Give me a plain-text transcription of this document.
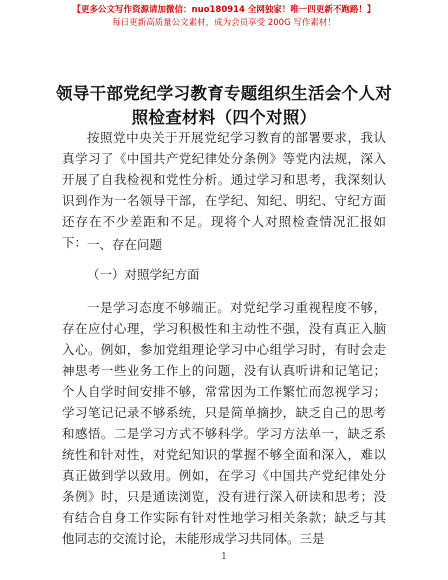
【更多公文写作资源请加微信：nuo180914 全网独家！唯一四更新不跑路！】
每日更新高质量公文素材，成为会员享受 200G 写作素材！
领导干部党纪学习教育专题组织生活会个人对
照检查材料（四个对照）
按照党中央关于开展党纪学习教育的部署要求，我认真学习了《中国共产党纪律处分条例》等党内法规，深入开展了自我检视和党性分析。通过学习和思考，我深刻认识到作为一名领导干部，在学纪、知纪、明纪、守纪方面还存在不少差距和不足。现将个人对照检查情况汇报如下： 一、存在问题
（一）对照学纪方面
一是学习态度不够端正。对党纪学习重视程度不够，存在应付心理，学习积极性和主动性不强，没有真正入脑入心。例如，参加党组理论学习中心组学习时，有时会走神思考一些业务工作上的问题，没有认真听讲和记笔记；个人自学时间安排不够，常常因为工作繁忙而忽视学习；学习笔记记录不够系统，只是简单摘抄，缺乏自己的思考和感悟。二是学习方式不够科学。学习方法单一，缺乏系统性和针对性，对党纪知识的掌握不够全面和深入，难以真正做到学以致用。例如，在学习《中国共产党纪律处分条例》时，只是通读浏览，没有进行深入研读和思考；没有结合自身工作实际有针对性地学习相关条款；缺乏与其他同志的交流讨论，未能形成学习共同体。三是
1
